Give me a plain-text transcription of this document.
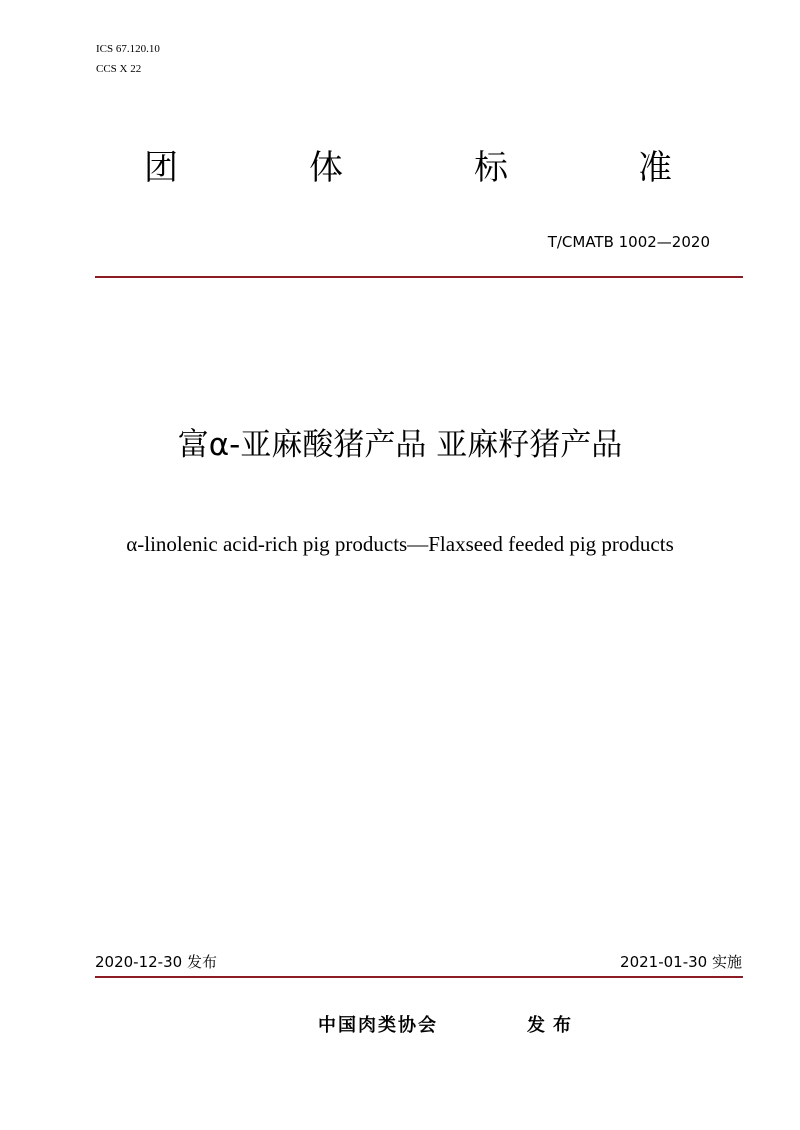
ICS 67.120.10
CCS X 22
团	体	标	准
T/CMATB 1002—2020
富α-亚麻酸猪产品 亚麻籽猪产品
α-linolenic acid-rich pig products—Flaxseed feeded pig products
2020-12-30 发布	2021-01-30 实施
中国肉类协会	发布
